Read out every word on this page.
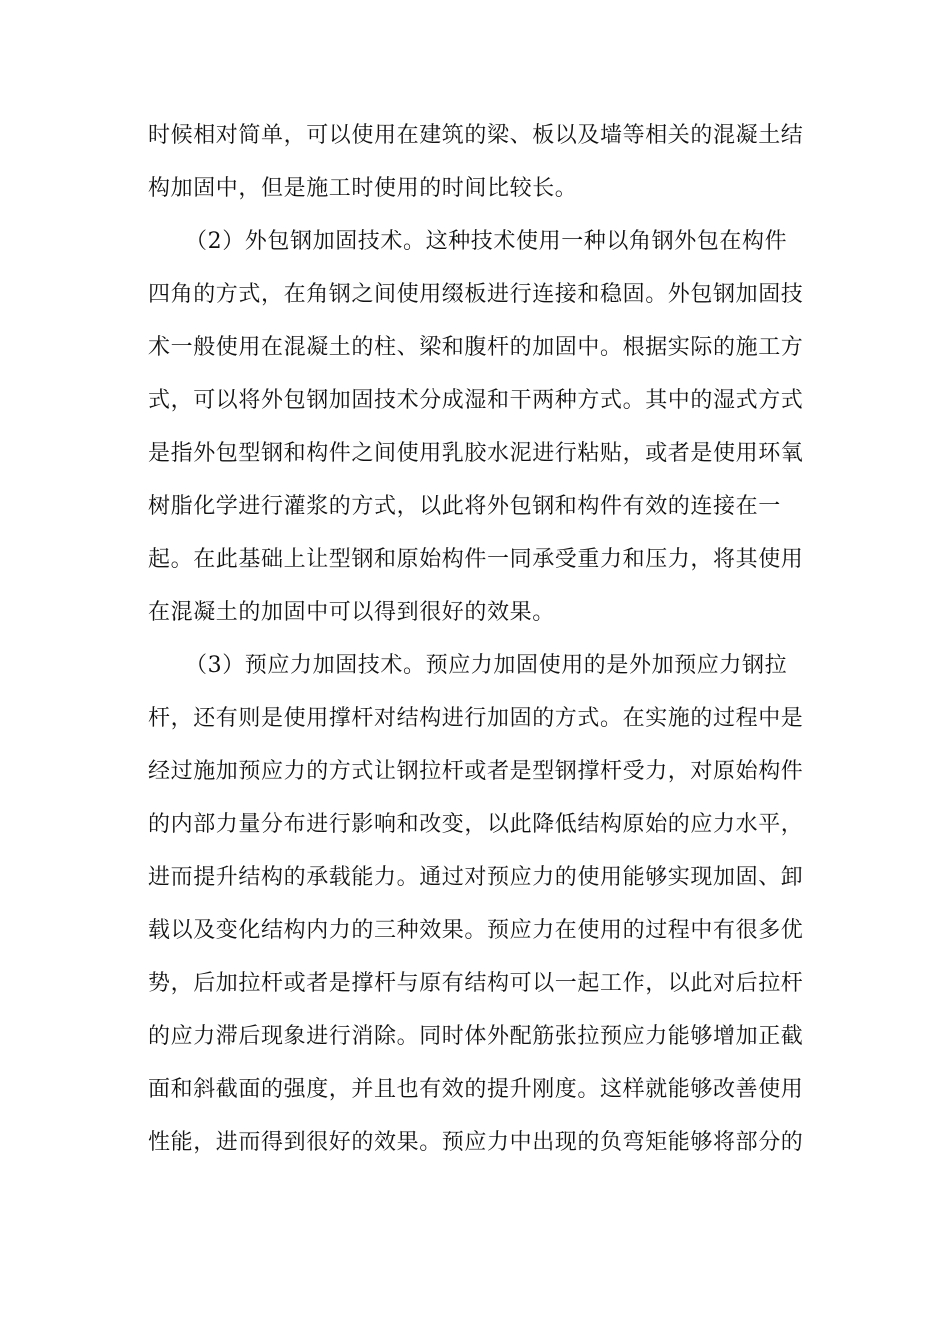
时候相对简单，可以使用在建筑的梁、板以及墙等相关的混凝土结
构加固中，但是施工时使用的时间比较长。
（2）外包钢加固技术。这种技术使用一种以角钢外包在构件
四角的方式，在角钢之间使用缀板进行连接和稳固。外包钢加固技
术一般使用在混凝土的柱、梁和腹杆的加固中。根据实际的施工方
式，可以将外包钢加固技术分成湿和干两种方式。其中的湿式方式
是指外包型钢和构件之间使用乳胶水泥进行粘贴，或者是使用环氧
树脂化学进行灌浆的方式，以此将外包钢和构件有效的连接在一
起。在此基础上让型钢和原始构件一同承受重力和压力，将其使用
在混凝土的加固中可以得到很好的效果。
（3）预应力加固技术。预应力加固使用的是外加预应力钢拉
杆，还有则是使用撑杆对结构进行加固的方式。在实施的过程中是
经过施加预应力的方式让钢拉杆或者是型钢撑杆受力，对原始构件
的内部力量分布进行影响和改变，以此降低结构原始的应力水平，
进而提升结构的承载能力。通过对预应力的使用能够实现加固、卸
载以及变化结构内力的三种效果。预应力在使用的过程中有很多优
势，后加拉杆或者是撑杆与原有结构可以一起工作，以此对后拉杆
的应力滞后现象进行消除。同时体外配筋张拉预应力能够增加正截
面和斜截面的强度，并且也有效的提升刚度。这样就能够改善使用
性能，进而得到很好的效果。预应力中出现的负弯矩能够将部分的
